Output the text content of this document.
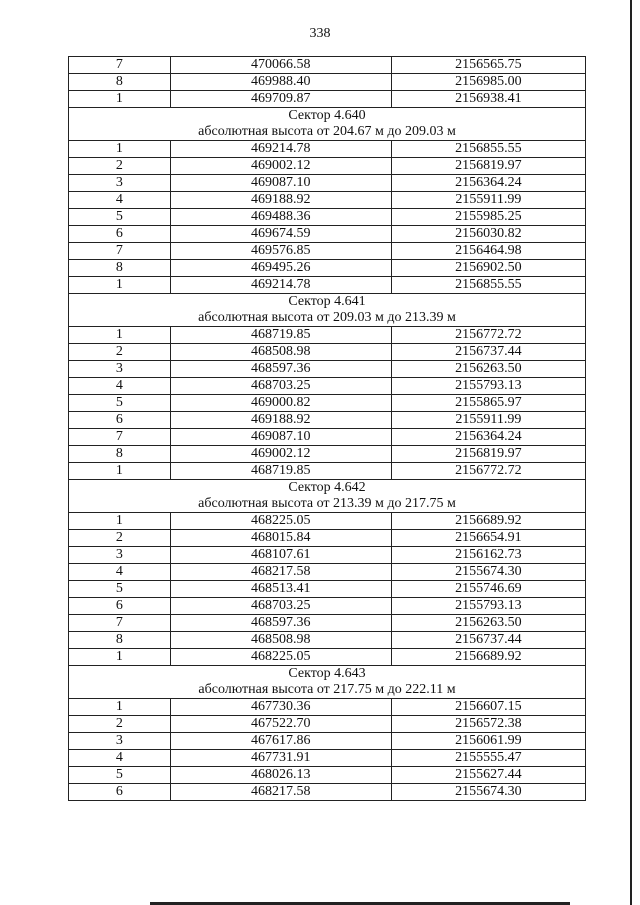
338
7	470066.58	2156565.75
8	469988.40	2156985.00
1	469709.87	2156938.41

Сектор 4.640
абсолютная высота от 204.67 м до 209.03 м		

1	469214.78	2156855.55
2	469002.12	2156819.97
3	469087.10	2156364.24
4	469188.92	2155911.99
5	469488.36	2155985.25
6	469674.59	2156030.82
7	469576.85	2156464.98
8	469495.26	2156902.50
1	469214.78	2156855.55

Сектор 4.641
абсолютная высота от 209.03 м до 213.39 м		

1	468719.85	2156772.72
2	468508.98	2156737.44
3	468597.36	2156263.50
4	468703.25	2155793.13
5	469000.82	2155865.97
6	469188.92	2155911.99
7	469087.10	2156364.24
8	469002.12	2156819.97
1	468719.85	2156772.72

Сектор 4.642
абсолютная высота от 213.39 м до 217.75 м		

1	468225.05	2156689.92
2	468015.84	2156654.91
3	468107.61	2156162.73
4	468217.58	2155674.30
5	468513.41	2155746.69
6	468703.25	2155793.13
7	468597.36	2156263.50
8	468508.98	2156737.44
1	468225.05	2156689.92

Сектор 4.643
абсолютная высота от 217.75 м до 222.11 м		

1	467730.36	2156607.15
2	467522.70	2156572.38
3	467617.86	2156061.99
4	467731.91	2155555.47
5	468026.13	2155627.44
6	468217.58	2155674.30
